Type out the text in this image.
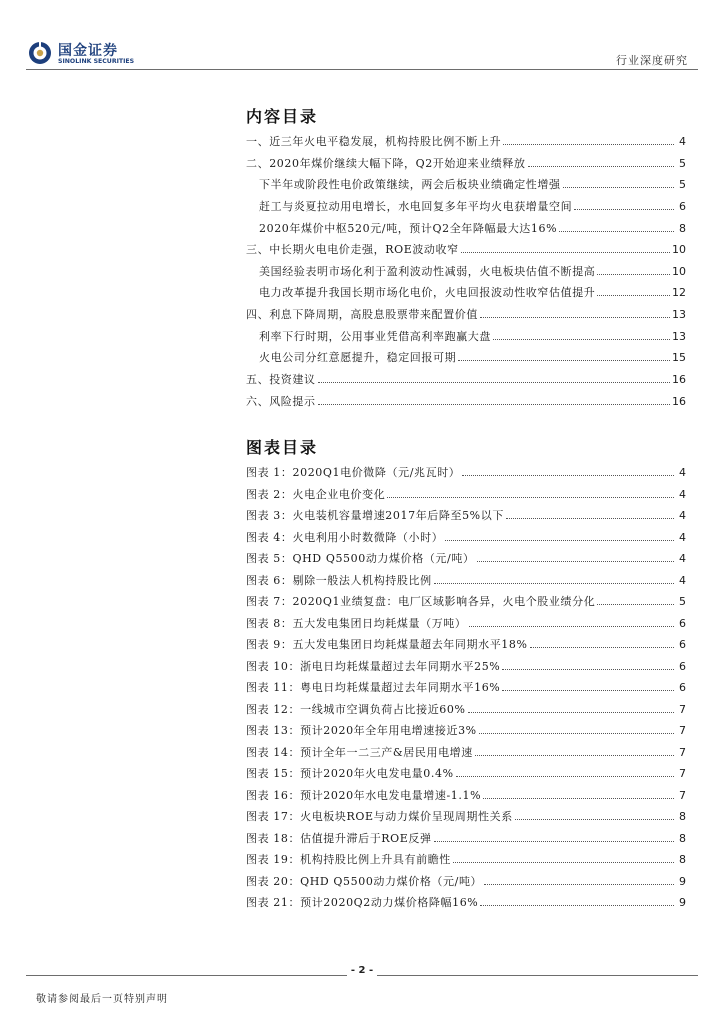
国金证券
SINOLINK SECURITIES	行业深度研究
内容目录
一、近三年火电平稳发展，机构持股比例不断上升	4
二、2020年煤价继续大幅下降，Q2开始迎来业绩释放	5
下半年或阶段性电价政策继续，两会后板块业绩确定性增强	5
赶工与炎夏拉动用电增长，水电回复多年平均火电获增量空间	6
2020年煤价中枢520元/吨，预计Q2全年降幅最大达16%	8
三、中长期火电电价走强，ROE波动收窄	10
美国经验表明市场化利于盈利波动性减弱，火电板块估值不断提高	10
电力改革提升我国长期市场化电价，火电回报波动性收窄估值提升	12
四、利息下降周期，高股息股票带来配置价值	13
利率下行时期，公用事业凭借高利率跑赢大盘	13
火电公司分红意愿提升，稳定回报可期	15
五、投资建议	16
六、风险提示	16
图表目录
图表 1：2020Q1电价微降（元/兆瓦时）	4
图表 2：火电企业电价变化	4
图表 3：火电装机容量增速2017年后降至5%以下	4
图表 4：火电利用小时数微降（小时）	4
图表 5：QHD Q5500动力煤价格（元/吨）	4
图表 6：剔除一般法人机构持股比例	4
图表 7：2020Q1业绩复盘：电厂区域影响各异，火电个股业绩分化	5
图表 8：五大发电集团日均耗煤量（万吨）	6
图表 9：五大发电集团日均耗煤量超去年同期水平18%	6
图表 10：浙电日均耗煤量超过去年同期水平25%	6
图表 11：粤电日均耗煤量超过去年同期水平16%	6
图表 12：一线城市空调负荷占比接近60%	7
图表 13：预计2020年全年用电增速接近3%	7
图表 14：预计全年一二三产&居民用电增速	7
图表 15：预计2020年火电发电量0.4%	7
图表 16：预计2020年水电发电量增速-1.1%	7
图表 17：火电板块ROE与动力煤价呈现周期性关系	8
图表 18：估值提升滞后于ROE反弹	8
图表 19：机构持股比例上升具有前瞻性	8
图表 20：QHD Q5500动力煤价格（元/吨）	9
图表 21：预计2020Q2动力煤价格降幅16%	9
- 2 -
敬请参阅最后一页特别声明
